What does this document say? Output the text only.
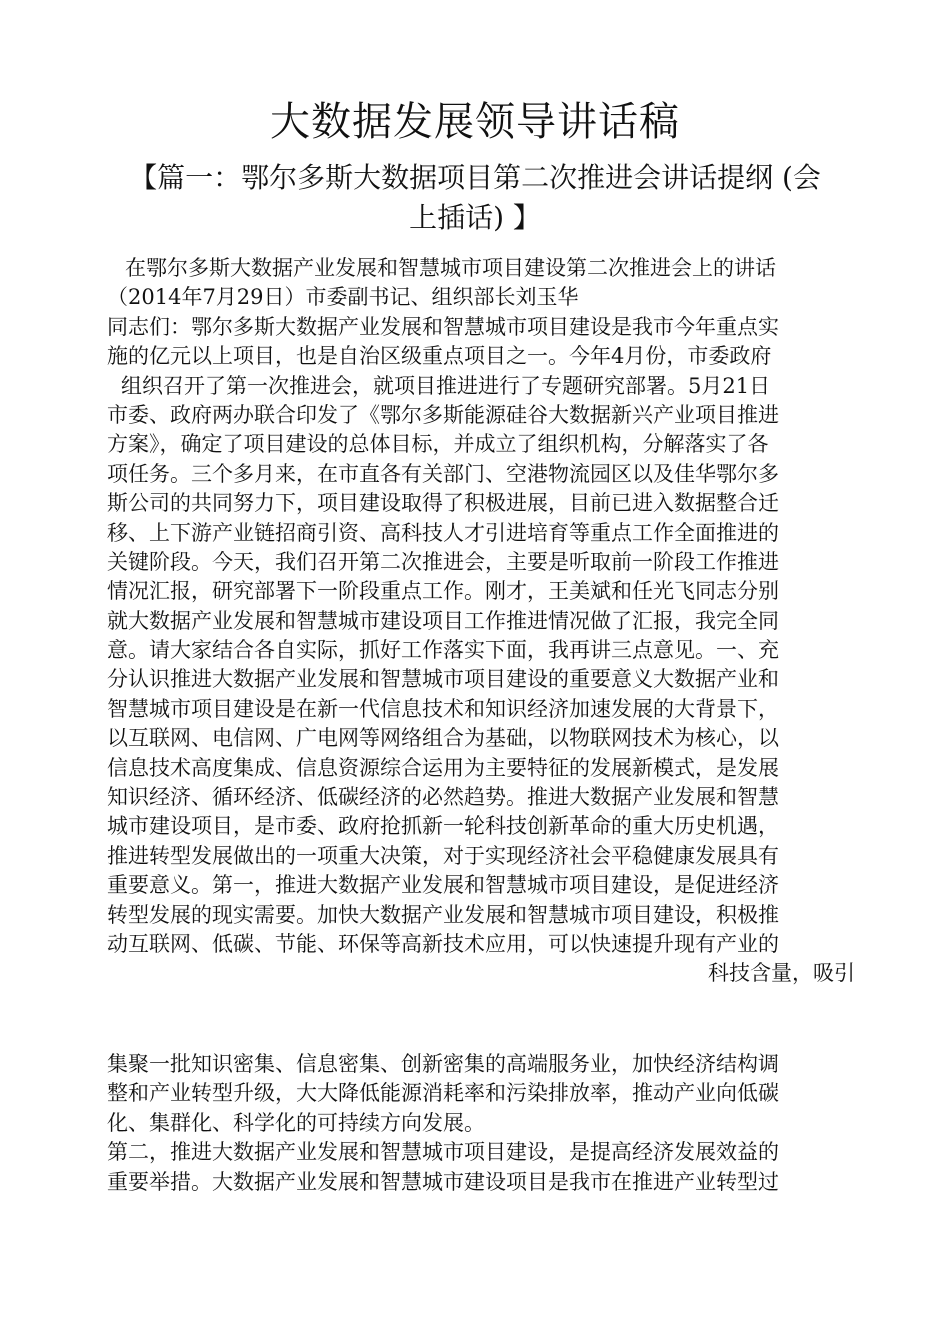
大数据发展领导讲话稿
【篇一：鄂尔多斯大数据项目第二次推进会讲话提纲 (会
上插话) 】
在鄂尔多斯大数据产业发展和智慧城市项目建设第二次推进会上的讲话
（2014年7月29日）市委副书记、组织部长刘玉华
同志们：鄂尔多斯大数据产业发展和智慧城市项目建设是我市今年重点实
施的亿元以上项目，也是自治区级重点项目之一。今年4月份，市委政府
组织召开了第一次推进会，就项目推进进行了专题研究部署。5月21日
市委、政府两办联合印发了《鄂尔多斯能源硅谷大数据新兴产业项目推进
方案》，确定了项目建设的总体目标，并成立了组织机构，分解落实了各
项任务。三个多月来，在市直各有关部门、空港物流园区以及佳华鄂尔多
斯公司的共同努力下，项目建设取得了积极进展，目前已进入数据整合迁
移、上下游产业链招商引资、高科技人才引进培育等重点工作全面推进的
关键阶段。今天，我们召开第二次推进会，主要是听取前一阶段工作推进
情况汇报，研究部署下一阶段重点工作。刚才，王美斌和任光飞同志分别
就大数据产业发展和智慧城市建设项目工作推进情况做了汇报，我完全同
意。请大家结合各自实际，抓好工作落实下面，我再讲三点意见。一、充
分认识推进大数据产业发展和智慧城市项目建设的重要意义大数据产业和
智慧城市项目建设是在新一代信息技术和知识经济加速发展的大背景下，
以互联网、电信网、广电网等网络组合为基础，以物联网技术为核心，以
信息技术高度集成、信息资源综合运用为主要特征的发展新模式，是发展
知识经济、循环经济、低碳经济的必然趋势。推进大数据产业发展和智慧
城市建设项目，是市委、政府抢抓新一轮科技创新革命的重大历史机遇，
推进转型发展做出的一项重大决策，对于实现经济社会平稳健康发展具有
重要意义。第一，推进大数据产业发展和智慧城市项目建设，是促进经济
转型发展的现实需要。加快大数据产业发展和智慧城市项目建设，积极推
动互联网、低碳、节能、环保等高新技术应用，可以快速提升现有产业的
科技含量，吸引
集聚一批知识密集、信息密集、创新密集的高端服务业，加快经济结构调
整和产业转型升级，大大降低能源消耗率和污染排放率，推动产业向低碳
化、集群化、科学化的可持续方向发展。
第二，推进大数据产业发展和智慧城市项目建设，是提高经济发展效益的
重要举措。大数据产业发展和智慧城市建设项目是我市在推进产业转型过
